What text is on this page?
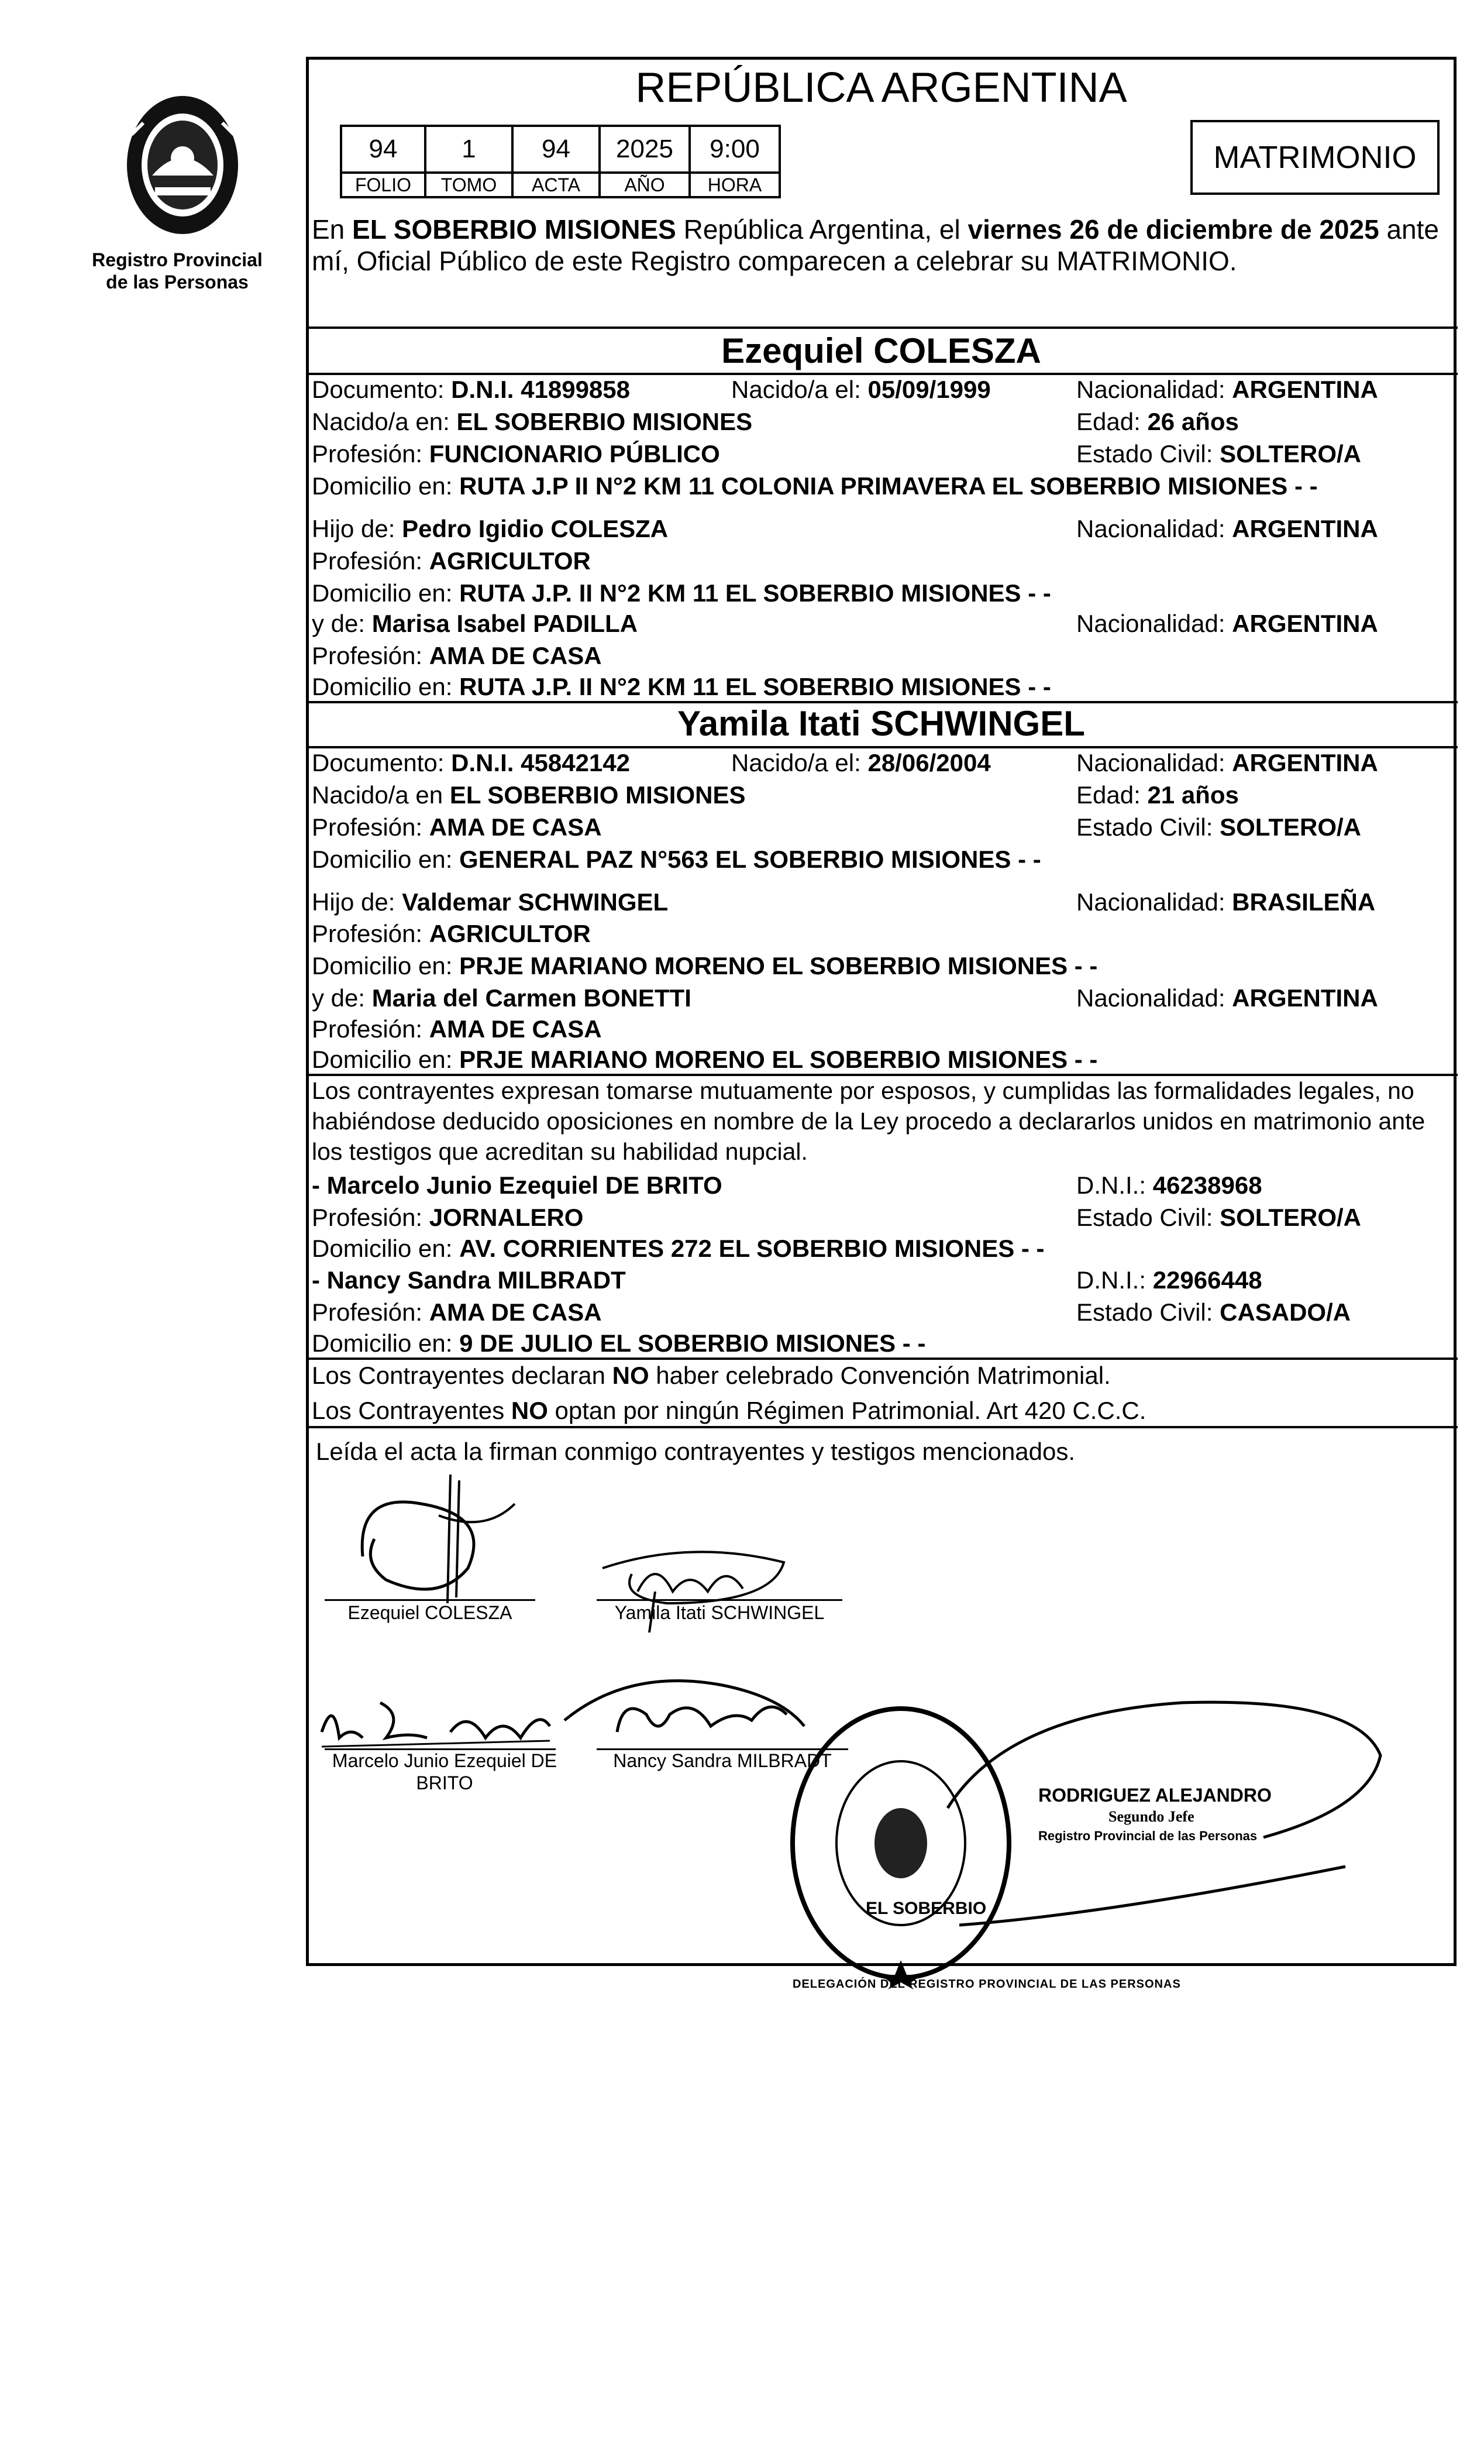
Registro Provincial
de las Personas
REPÚBLICA ARGENTINA
94	1	94	2025	9:00
FOLIO	TOMO	ACTA	AÑO	HORA
MATRIMONIO
En EL SOBERBIO MISIONES República Argentina, el viernes 26 de diciembre de 2025 ante
mí, Oficial Público de este Registro comparecen a celebrar su MATRIMONIO.
Ezequiel COLESZA
Documento: D.N.I. 41899858	Nacido/a el: 05/09/1999	Nacionalidad: ARGENTINA
Nacido/a en: EL SOBERBIO MISIONES	Edad: 26 años
Profesión: FUNCIONARIO PÚBLICO	Estado Civil: SOLTERO/A
Domicilio en: RUTA J.P II N°2 KM 11 COLONIA PRIMAVERA EL SOBERBIO MISIONES - -
Hijo de: Pedro Igidio COLESZA	Nacionalidad: ARGENTINA
Profesión: AGRICULTOR
Domicilio en: RUTA J.P. II N°2 KM 11 EL SOBERBIO MISIONES - -
y de: Marisa Isabel PADILLA	Nacionalidad: ARGENTINA
Profesión: AMA DE CASA
Domicilio en: RUTA J.P. II N°2 KM 11 EL SOBERBIO MISIONES - -
Yamila Itati SCHWINGEL
Documento: D.N.I. 45842142	Nacido/a el: 28/06/2004	Nacionalidad: ARGENTINA
Nacido/a en EL SOBERBIO MISIONES	Edad: 21 años
Profesión: AMA DE CASA	Estado Civil: SOLTERO/A
Domicilio en: GENERAL PAZ N°563 EL SOBERBIO MISIONES - -
Hijo de: Valdemar SCHWINGEL	Nacionalidad: BRASILEÑA
Profesión: AGRICULTOR
Domicilio en: PRJE MARIANO MORENO EL SOBERBIO MISIONES - -
y de: Maria del Carmen BONETTI	Nacionalidad: ARGENTINA
Profesión: AMA DE CASA
Domicilio en: PRJE MARIANO MORENO EL SOBERBIO MISIONES - -
Los contrayentes expresan tomarse mutuamente por esposos, y cumplidas las formalidades legales, no
habiéndose deducido oposiciones en nombre de la Ley procedo a declararlos unidos en matrimonio ante
los testigos que acreditan su habilidad nupcial.
- Marcelo Junio Ezequiel DE BRITO	D.N.I.: 46238968
Profesión: JORNALERO	Estado Civil: SOLTERO/A
Domicilio en: AV. CORRIENTES 272 EL SOBERBIO MISIONES - -
- Nancy Sandra MILBRADT	D.N.I.: 22966448
Profesión: AMA DE CASA	Estado Civil: CASADO/A
Domicilio en: 9 DE JULIO EL SOBERBIO MISIONES - -
Los Contrayentes declaran NO haber celebrado Convención Matrimonial.
Los Contrayentes NO optan por ningún Régimen Patrimonial. Art 420 C.C.C.
Leída el acta la firman conmigo contrayentes y testigos mencionados.
Ezequiel COLESZA	Yamila Itati SCHWINGEL
Marcelo Junio Ezequiel DE BRITO
Nancy Sandra MILBRADT
DELEGACIÓN DEL REGISTRO PROVINCIAL DE LAS PERSONAS
EL SOBERBIO
RODRIGUEZ ALEJANDRO
Segundo Jefe
Registro Provincial de las Personas
